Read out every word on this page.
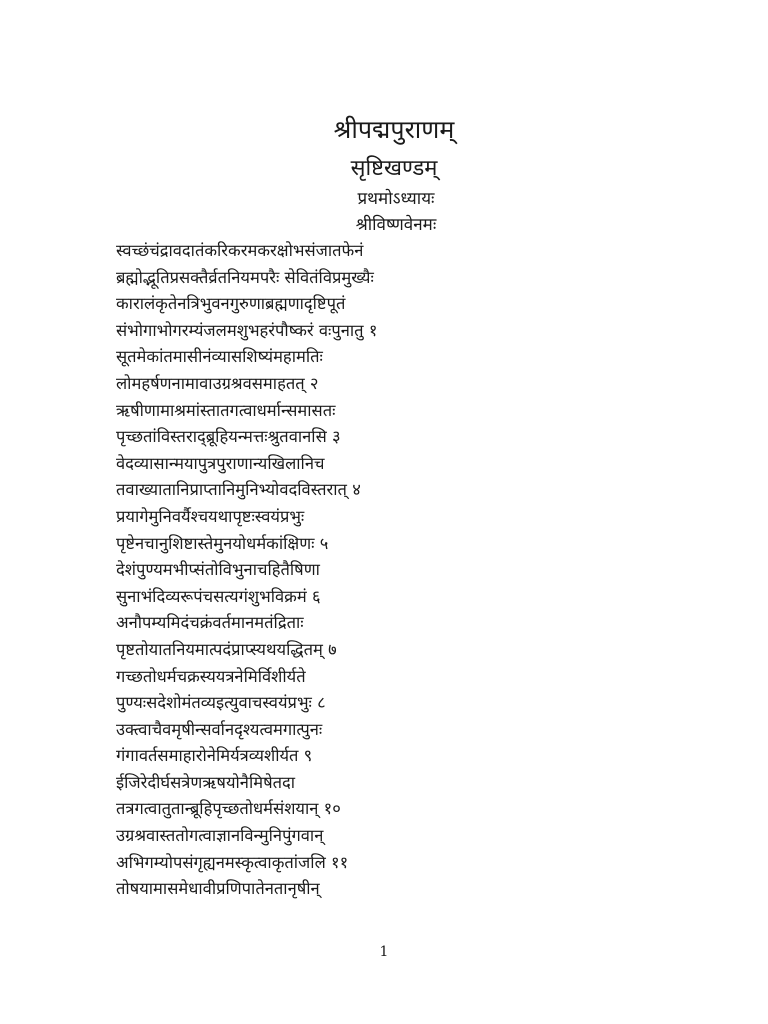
श्रीपद्मपुराणम्
सृष्टिखण्डम्
प्रथमोऽध्यायः
श्रीविष्णवेनमः
स्वच्छंचंद्रावदातंकरिकरमकरक्षोभसंजातफेनं
ब्रह्मोद्भूतिप्रसक्तैर्व्रतनियमपरैः सेवितंविप्रमुख्यैः
कारालंकृतेनत्रिभुवनगुरुणाब्रह्मणादृष्टिपूतं
संभोगाभोगरम्यंजलमशुभहरंपौष्करं वःपुनातु १
सूतमेकांतमासीनंव्यासशिष्यंमहामतिः
लोमहर्षणनामावाउग्रश्रवसमाहतत् २
ऋषीणामाश्रमांस्तातगत्वाधर्मान्समासतः
पृच्छतांविस्तराद्ब्रूहियन्मत्तःश्रुतवानसि ३
वेदव्यासान्मयापुत्रपुराणान्यखिलानिच
तवाख्यातानिप्राप्तानिमुनिभ्योवदविस्तरात् ४
प्रयागेमुनिवर्यैश्चयथापृष्टःस्वयंप्रभुः
पृष्टेनचानुशिष्टास्तेमुनयोधर्मकांक्षिणः ५
देशंपुण्यमभीप्संतोविभुनाचहितैषिणा
सुनाभंदिव्यरूपंचसत्यगंशुभविक्रमं ६
अनौपम्यमिदंचक्रंवर्तमानमतंद्रिताः
पृष्टतोयातनियमात्पदंप्राप्स्यथयद्धितम् ७
गच्छतोधर्मचक्रस्ययत्रनेमिर्विशीर्यते
पुण्यःसदेशोमंतव्यइत्युवाचस्वयंप्रभुः ८
उक्त्वाचैवमृषीन्सर्वानदृश्यत्वमगात्पुनः
गंगावर्तसमाहारोनेमिर्यत्रव्यशीर्यत ९
ईजिरेदीर्घसत्रेणऋषयोनैमिषेतदा
तत्रगत्वातुतान्ब्रूहिपृच्छतोधर्मसंशयान् १०
उग्रश्रवास्ततोगत्वाज्ञानविन्मुनिपुंगवान्
अभिगम्योपसंगृह्यनमस्कृत्वाकृतांजलि ११
तोषयामासमेधावीप्रणिपातेनतानृषीन्
1
